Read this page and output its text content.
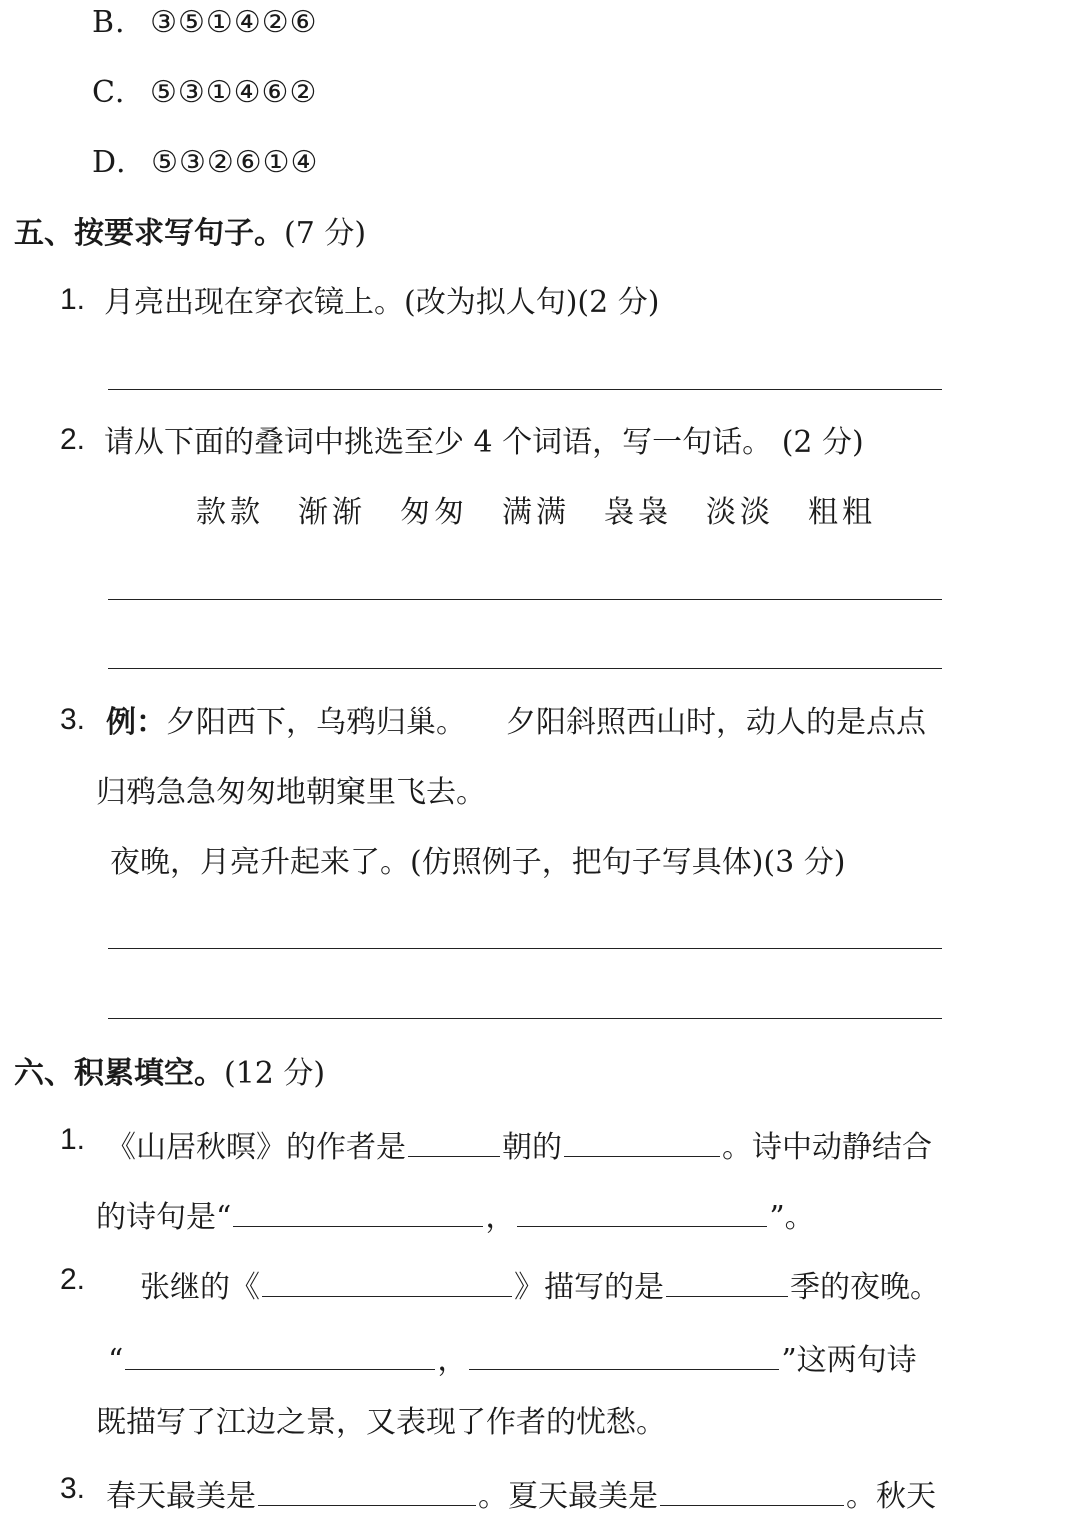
B. ③⑤①④②⑥
C. ⑤③①④⑥②
D. ⑤③②⑥①④
五、按要求写句子。(7 分)
1. 月亮出现在穿衣镜上。(改为拟人句)(2 分)
2. 请从下面的叠词中挑选至少 4 个词语，写一句话。 (2 分)
款款 渐渐 匆匆 满满 袅袅 淡淡 粗粗
3. 例：夕阳西下，乌鸦归巢。 夕阳斜照西山时，动人的是点点
归鸦急急匆匆地朝窠里飞去。
夜晚，月亮升起来了。(仿照例子，把句子写具体)(3 分)
六、积累填空。(12 分)
1. 《山居秋暝》的作者是	朝的	。诗中动静结合
的诗句是“	，	”。
2. 张继的《	》描写的是	季的夜晚。
“	，	”这两句诗
既描写了江边之景，又表现了作者的忧愁。
3. 春天最美是	。夏天最美是	。秋天
